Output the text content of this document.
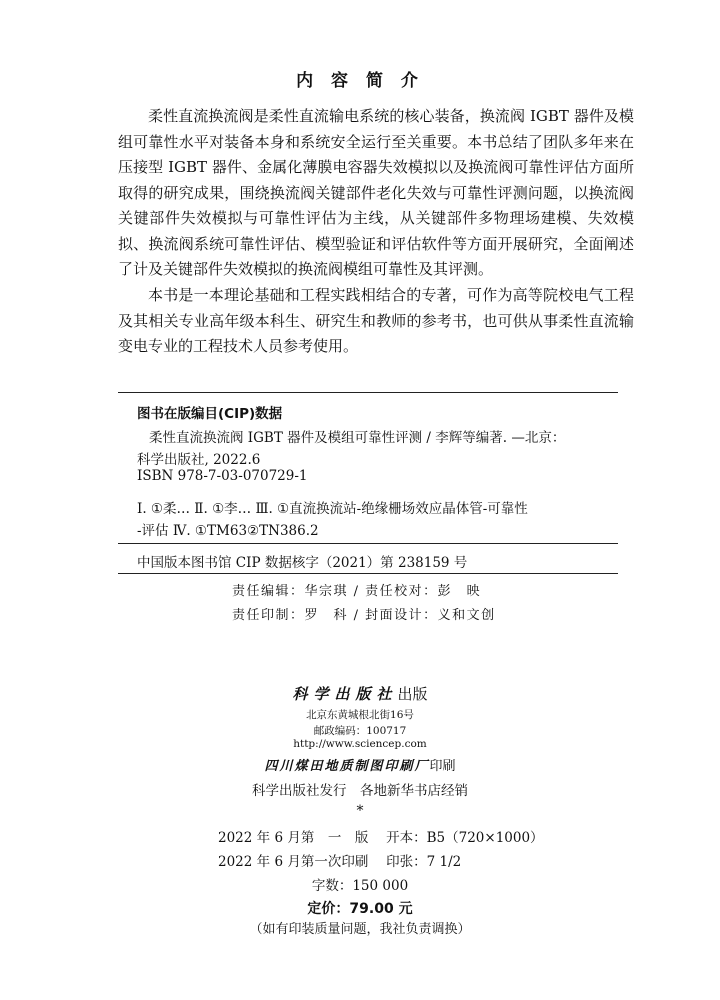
内 容 简 介

柔性直流换流阀是柔性直流输电系统的核心装备，换流阀 IGBT 器件及模组可靠性水平对装备本身和系统安全运行至关重要。本书总结了团队多年来在压接型 IGBT 器件、金属化薄膜电容器失效模拟以及换流阀可靠性评估方面所取得的研究成果，围绕换流阀关键部件老化失效与可靠性评测问题，以换流阀关键部件失效模拟与可靠性评估为主线，从关键部件多物理场建模、失效模拟、换流阀系统可靠性评估、模型验证和评估软件等方面开展研究，全面阐述了计及关键部件失效模拟的换流阀模组可靠性及其评测。

本书是一本理论基础和工程实践相结合的专著，可作为高等院校电气工程及其相关专业高年级本科生、研究生和教师的参考书，也可供从事柔性直流输变电专业的工程技术人员参考使用。

图书在版编目(CIP)数据
柔性直流换流阀 IGBT 器件及模组可靠性评测 / 李辉等编著. —北京：
科学出版社, 2022.6
ISBN 978-7-03-070729-1
Ⅰ. ①柔… Ⅱ. ①李… Ⅲ. ①直流换流站-绝缘栅场效应晶体管-可靠性
-评估 Ⅳ. ①TM63②TN386.2
中国版本图书馆 CIP 数据核字（2021）第 238159 号
责任编辑：华宗琪 / 责任校对：彭　映
责任印制：罗　科 / 封面设计：义和文创
科学出版社出版
北京东黄城根北街16号
邮政编码：100717
http://www.sciencep.com
四川煤田地质制图印刷厂印刷
科学出版社发行　各地新华书店经销
*
2022 年 6 月第　一　版　 开本：B5（720×1000）
2022 年 6 月第一次印刷　 印张：7 1/2
字数：150 000
定价：79.00 元
（如有印装质量问题，我社负责调换）
